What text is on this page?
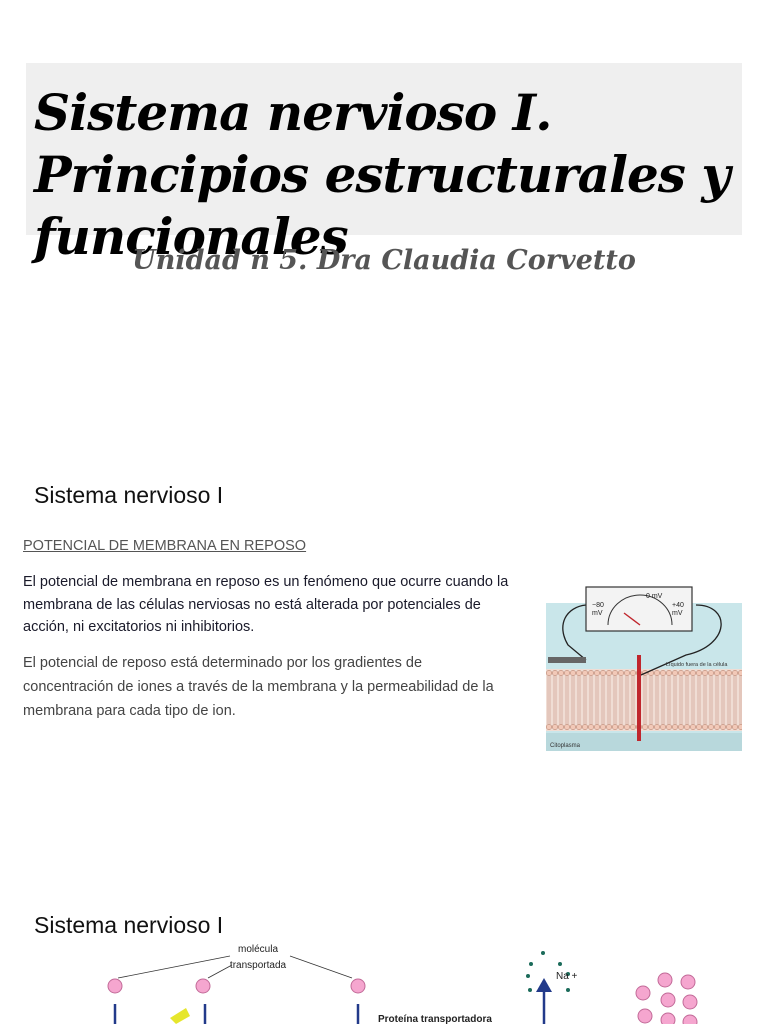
Sistema nervioso I. Principios estructurales y funcionales
Unidad n 5. Dra Claudia Corvetto
Sistema nervioso I
POTENCIAL DE MEMBRANA EN REPOSO
El potencial de membrana en reposo es un fenómeno que ocurre cuando la membrana de las células nerviosas no está alterada por potenciales de acción, ni excitatorios ni inhibitorios.
El potencial de reposo está determinado por los gradientes de concentración de iones a través de la membrana y la permeabilidad de la membrana para cada tipo de ion.
−80 mV
0 mV
+40 mV
Líquido fuera de la célula
Citoplasma
Sistema nervioso I
molécula
transportada
Proteína transportadora
Na +
